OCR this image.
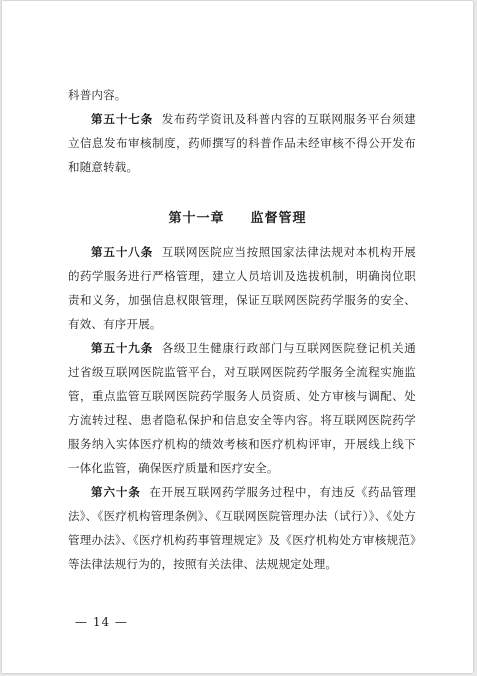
科普内容。

第五十七条 发布药学资讯及科普内容的互联网服务平台须建立信息发布审核制度，药师撰写的科普作品未经审核不得公开发布和随意转载。

第十一章 监督管理

第五十八条 互联网医院应当按照国家法律法规对本机构开展的药学服务进行严格管理，建立人员培训及选拔机制，明确岗位职责和义务，加强信息权限管理，保证互联网医院药学服务的安全、有效、有序开展。

第五十九条 各级卫生健康行政部门与互联网医院登记机关通过省级互联网医院监管平台，对互联网医院药学服务全流程实施监管，重点监管互联网医院药学服务人员资质、处方审核与调配、处方流转过程、患者隐私保护和信息安全等内容。将互联网医院药学服务纳入实体医疗机构的绩效考核和医疗机构评审，开展线上线下一体化监管，确保医疗质量和医疗安全。

第六十条 在开展互联网药学服务过程中，有违反《药品管理法》、《医疗机构管理条例》、《互联网医院管理办法（试行）》、《处方管理办法》、《医疗机构药事管理规定》及《医疗机构处方审核规范》等法律法规行为的，按照有关法律、法规规定处理。

— 14 —
